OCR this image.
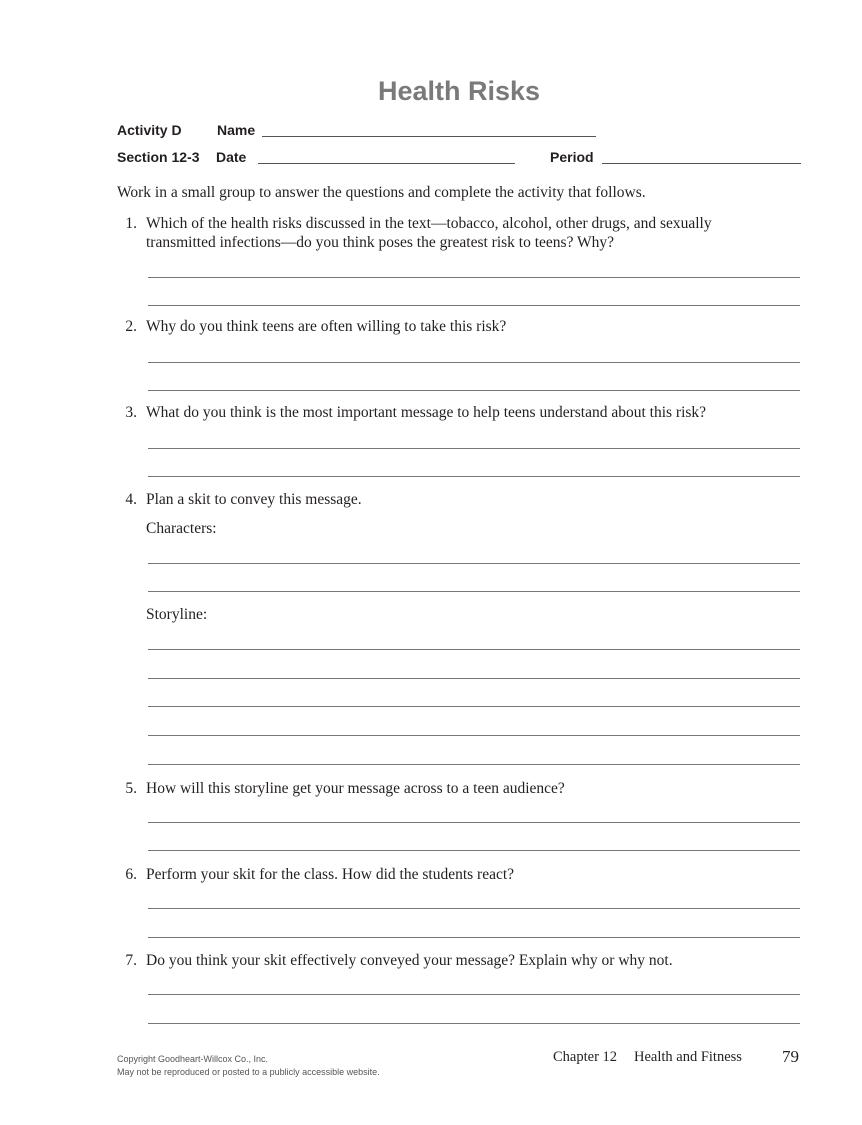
Health Risks
Activity D	Name
Section 12-3 Date	Period
Work in a small group to answer the questions and complete the activity that follows.
1. Which of the health risks discussed in the text—tobacco, alcohol, other drugs, and sexually
transmitted infections—do you think poses the greatest risk to teens? Why?
2. Why do you think teens are often willing to take this risk?
3. What do you think is the most important message to help teens understand about this risk?
4. Plan a skit to convey this message.
Characters:
Storyline:
5. How will this storyline get your message across to a teen audience?
6. Perform your skit for the class. How did the students react?
7. Do you think your skit effectively conveyed your message? Explain why or why not.
Copyright Goodheart-Willcox Co., Inc.
May not be reproduced or posted to a publicly accessible website.
Chapter 12 Health and Fitness 79
